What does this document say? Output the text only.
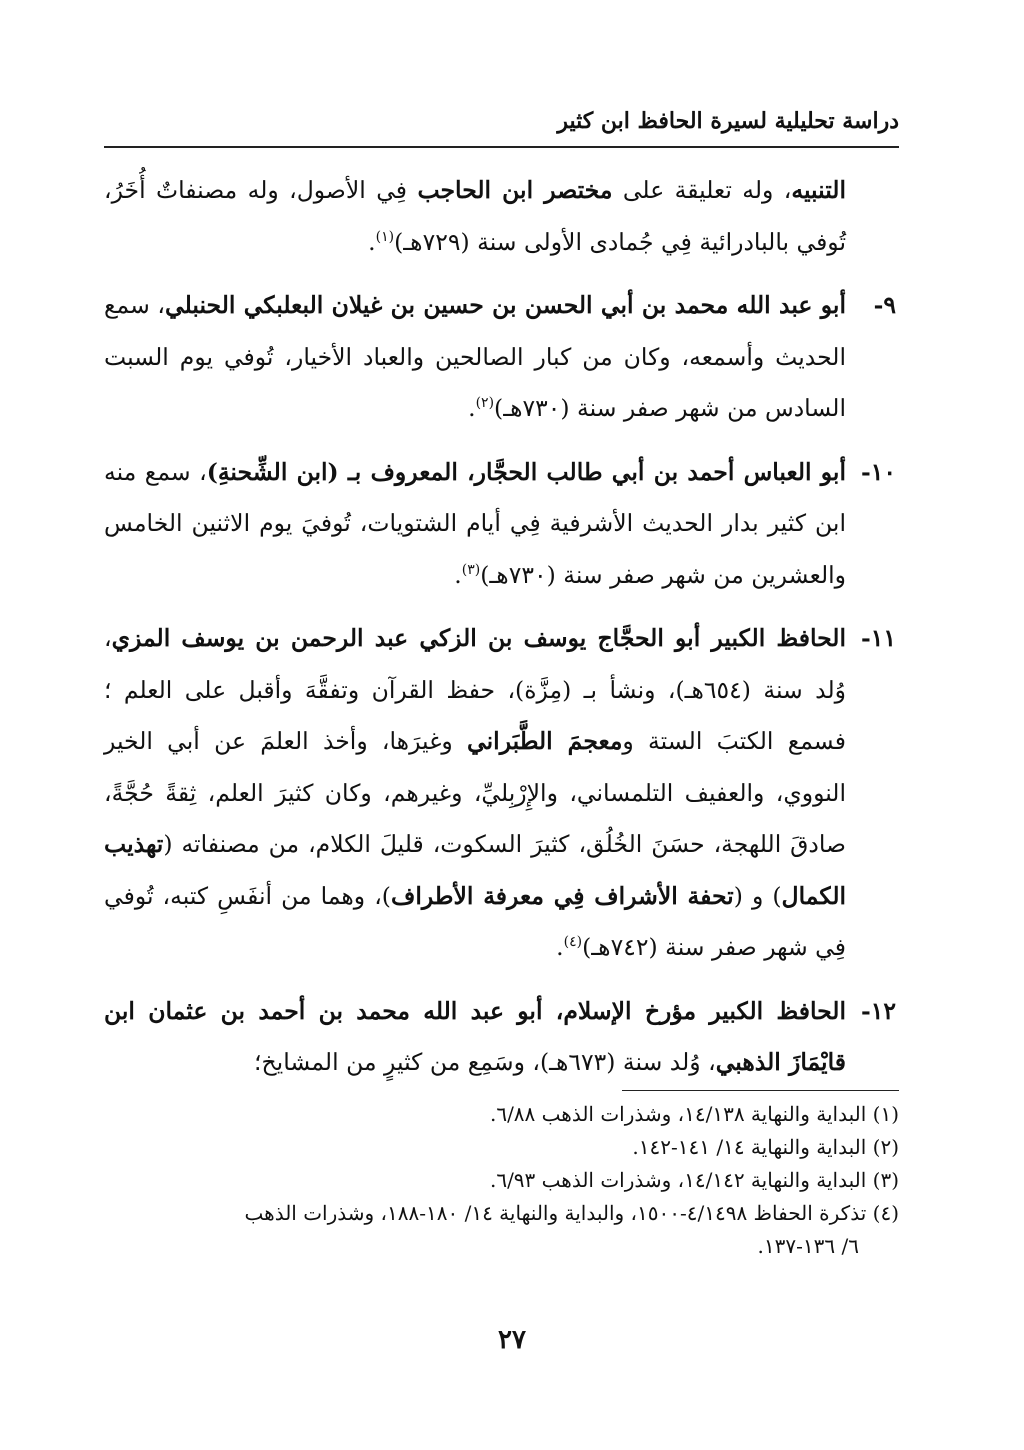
دراسة تحليلية لسيرة الحافظ ابن كثير

التنبيه، وله تعليقة على مختصر ابن الحاجب فِي الأصول، وله مصنفاتٌ أُخَرُ، تُوفي بالبادرائية فِي جُمادى الأولى سنة (٧٢٩هـ)$^{(١)}$.

٩-أبو عبد الله محمد بن أبي الحسن بن حسين بن غيلان البعلبكي الحنبلي، سمع الحديث وأسمعه، وكان من كبار الصالحين والعباد الأخيار، تُوفي يوم السبت السادس من شهر صفر سنة (٧٣٠هـ)$^{(٢)}$.

١٠-أبو العباس أحمد بن أبي طالب الحجَّار، المعروف بـ (ابن الشِّحنةِ)، سمع منه ابن كثير بدار الحديث الأشرفية فِي أيام الشتويات، تُوفيَ يوم الاثنين الخامس والعشرين من شهر صفر سنة (٧٣٠هـ)$^{(٣)}$.

١١-الحافظ الكبير أبو الحجَّاج يوسف بن الزكي عبد الرحمن بن يوسف المزي، وُلد سنة (٦٥٤هـ)، ونشأ بـ (مِزَّة)، حفظ القرآن وتفقَّهَ وأقبل على العلم ؛ فسمع الكتبَ الستة ومعجمَ الطَّبَراني وغيرَها، وأخذ العلمَ عن أبي الخير النووي، والعفيف التلمساني، والإِرْبِليِّ، وغيرهم، وكان كثيرَ العلم، ثِقةً حُجَّةً، صادقَ اللهجة، حسَنَ الخُلُق، كثيرَ السكوت، قليلَ الكلام، من مصنفاته (تهذيب الكمال) و (تحفة الأشراف فِي معرفة الأطراف)، وهما من أنفَسِ كتبه، تُوفي فِي شهر صفر سنة (٧٤٢هـ)$^{(٤)}$.

١٢-الحافظ الكبير مؤرخ الإسلام، أبو عبد الله محمد بن أحمد بن عثمان ابن قايْمَازَ الذهبي، وُلد سنة (٦٧٣هـ)، وسَمِع من كثيرٍ من المشايخ؛

(١) البداية والنهاية ١٤/١٣٨، وشذرات الذهب ٦/٨٨.

(٢) البداية والنهاية ١٤/ ١٤١-١٤٢.

(٣) البداية والنهاية ١٤/١٤٢، وشذرات الذهب ٦/٩٣.

(٤) تذكرة الحفاظ ٤/١٤٩٨-١٥٠٠، والبداية والنهاية ١٤/ ١٨٠-١٨٨، وشذرات الذهب

٦/ ١٣٦-١٣٧.

٢٧
